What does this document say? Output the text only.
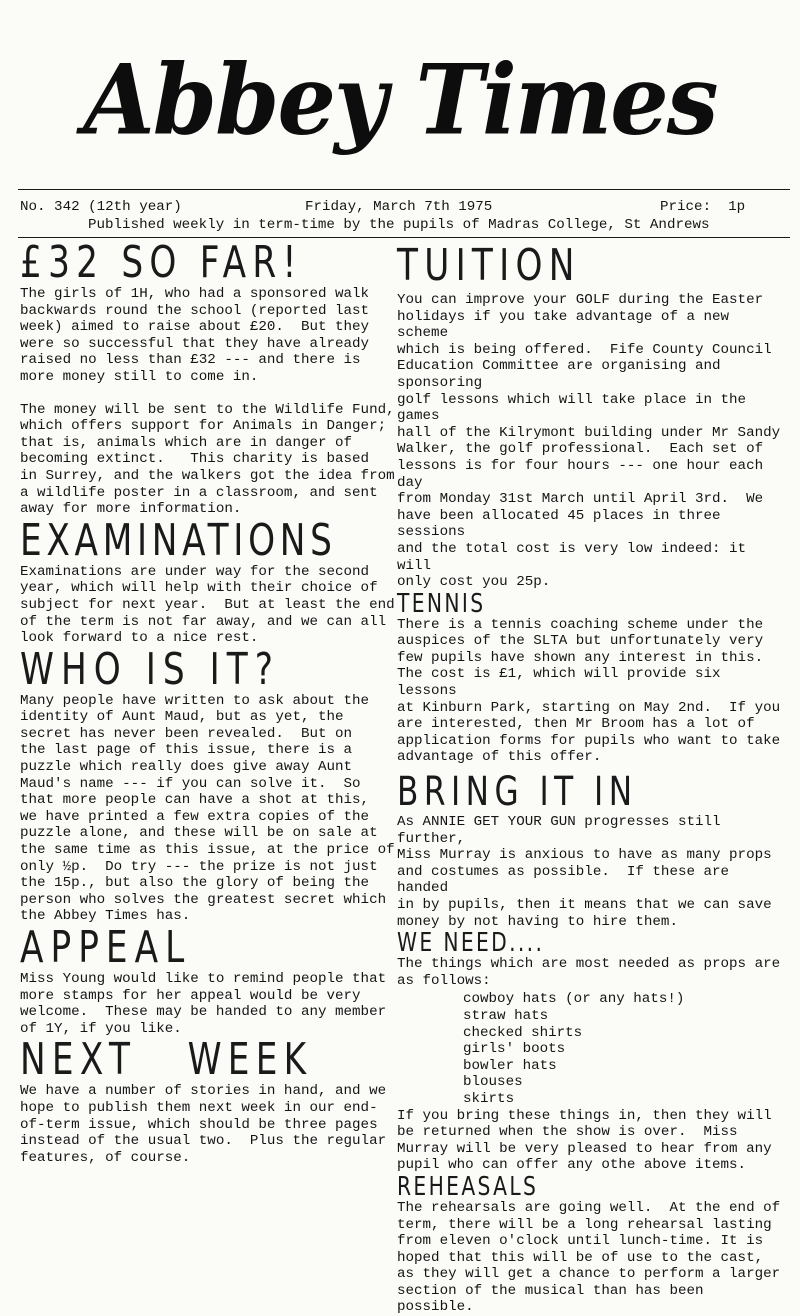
Abbey Times
No. 342 (12th year)	Friday, March 7th 1975	Price:  1p
Published weekly in term-time by the pupils of Madras College, St Andrews
£32 SO FAR!

The girls of 1H, who had a sponsored walk
backwards round the school (reported last
week) aimed to raise about £20.  But they
were so successful that they have already
raised no less than £32 --- and there is
more money still to come in.

The money will be sent to the Wildlife Fund,
which offers support for Animals in Danger;
that is, animals which are in danger of
becoming extinct.   This charity is based
in Surrey, and the walkers got the idea from
a wildlife poster in a classroom, and sent
away for more information.

EXAMINATIONS

Examinations are under way for the second
year, which will help with their choice of
subject for next year.  But at least the end
of the term is not far away, and we can all
look forward to a nice rest.

WHO IS IT?

Many people have written to ask about the
identity of Aunt Maud, but as yet, the
secret has never been revealed.  But on
the last page of this issue, there is a
puzzle which really does give away Aunt
Maud's name --- if you can solve it.  So
that more people can have a shot at this,
we have printed a few extra copies of the
puzzle alone, and these will be on sale at
the same time as this issue, at the price of
only ½p.  Do try --- the prize is not just
the 15p., but also the glory of being the
person who solves the greatest secret which
the Abbey Times has.

APPEAL

Miss Young would like to remind people that
more stamps for her appeal would be very
welcome.  These may be handed to any member
of 1Y, if you like.

NEXT   WEEK

We have a number of stories in hand, and we
hope to publish them next week in our end-
of-term issue, which should be three pages
instead of the usual two.  Plus the regular
features, of course.

TUITION

You can improve your GOLF during the Easter
holidays if you take advantage of a new scheme
which is being offered.  Fife County Council
Education Committee are organising and sponsoring
golf lessons which will take place in the games
hall of the Kilrymont building under Mr Sandy
Walker, the golf professional.  Each set of
lessons is for four hours --- one hour each day
from Monday 31st March until April 3rd.  We
have been allocated 45 places in three sessions
and the total cost is very low indeed: it will
only cost you 25p.

TENNIS

There is a tennis coaching scheme under the
auspices of the SLTA but unfortunately very
few pupils have shown any interest in this.
The cost is £1, which will provide six lessons
at Kinburn Park, starting on May 2nd.  If you
are interested, then Mr Broom has a lot of
application forms for pupils who want to take
advantage of this offer.

BRING IT IN

As ANNIE GET YOUR GUN progresses still further,
Miss Murray is anxious to have as many props
and costumes as possible.  If these are handed
in by pupils, then it means that we can save
money by not having to hire them.

WE NEED....

The things which are most needed as props are
as follows:

cowboy hats (or any hats!)
straw hats
checked shirts
girls' boots
bowler hats
blouses
skirts

If you bring these things in, then they will
be returned when the show is over.  Miss
Murray will be very pleased to hear from any
pupil who can offer any othe above items.

REHEASALS

The rehearsals are going well.  At the end of
term, there will be a long rehearsal lasting
from eleven o'clock until lunch-time. It is
hoped that this will be of use to the cast,
as they will get a chance to perform a larger
section of the musical than has been possible.
